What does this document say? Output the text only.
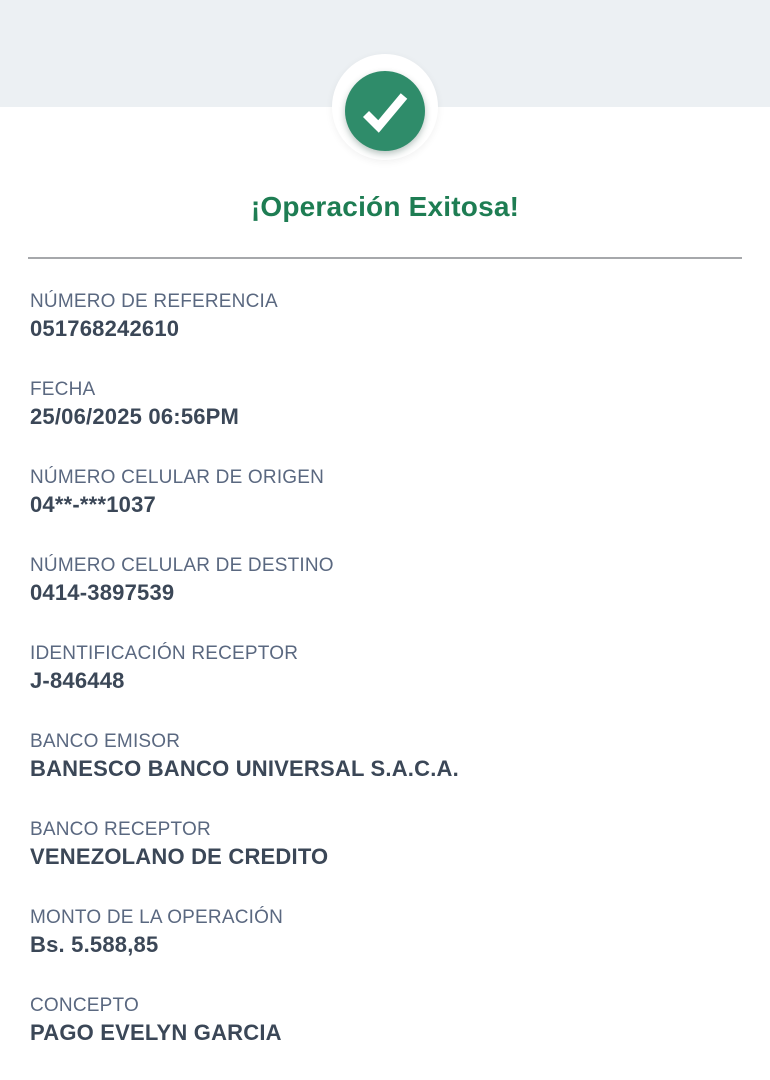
¡Operación Exitosa!
NÚMERO DE REFERENCIA
051768242610
FECHA
25/06/2025 06:56PM
NÚMERO CELULAR DE ORIGEN
04**-***1037
NÚMERO CELULAR DE DESTINO
0414-3897539
IDENTIFICACIÓN RECEPTOR
J-846448
BANCO EMISOR
BANESCO BANCO UNIVERSAL S.A.C.A.
BANCO RECEPTOR
VENEZOLANO DE CREDITO
MONTO DE LA OPERACIÓN
Bs. 5.588,85
CONCEPTO
PAGO EVELYN GARCIA
